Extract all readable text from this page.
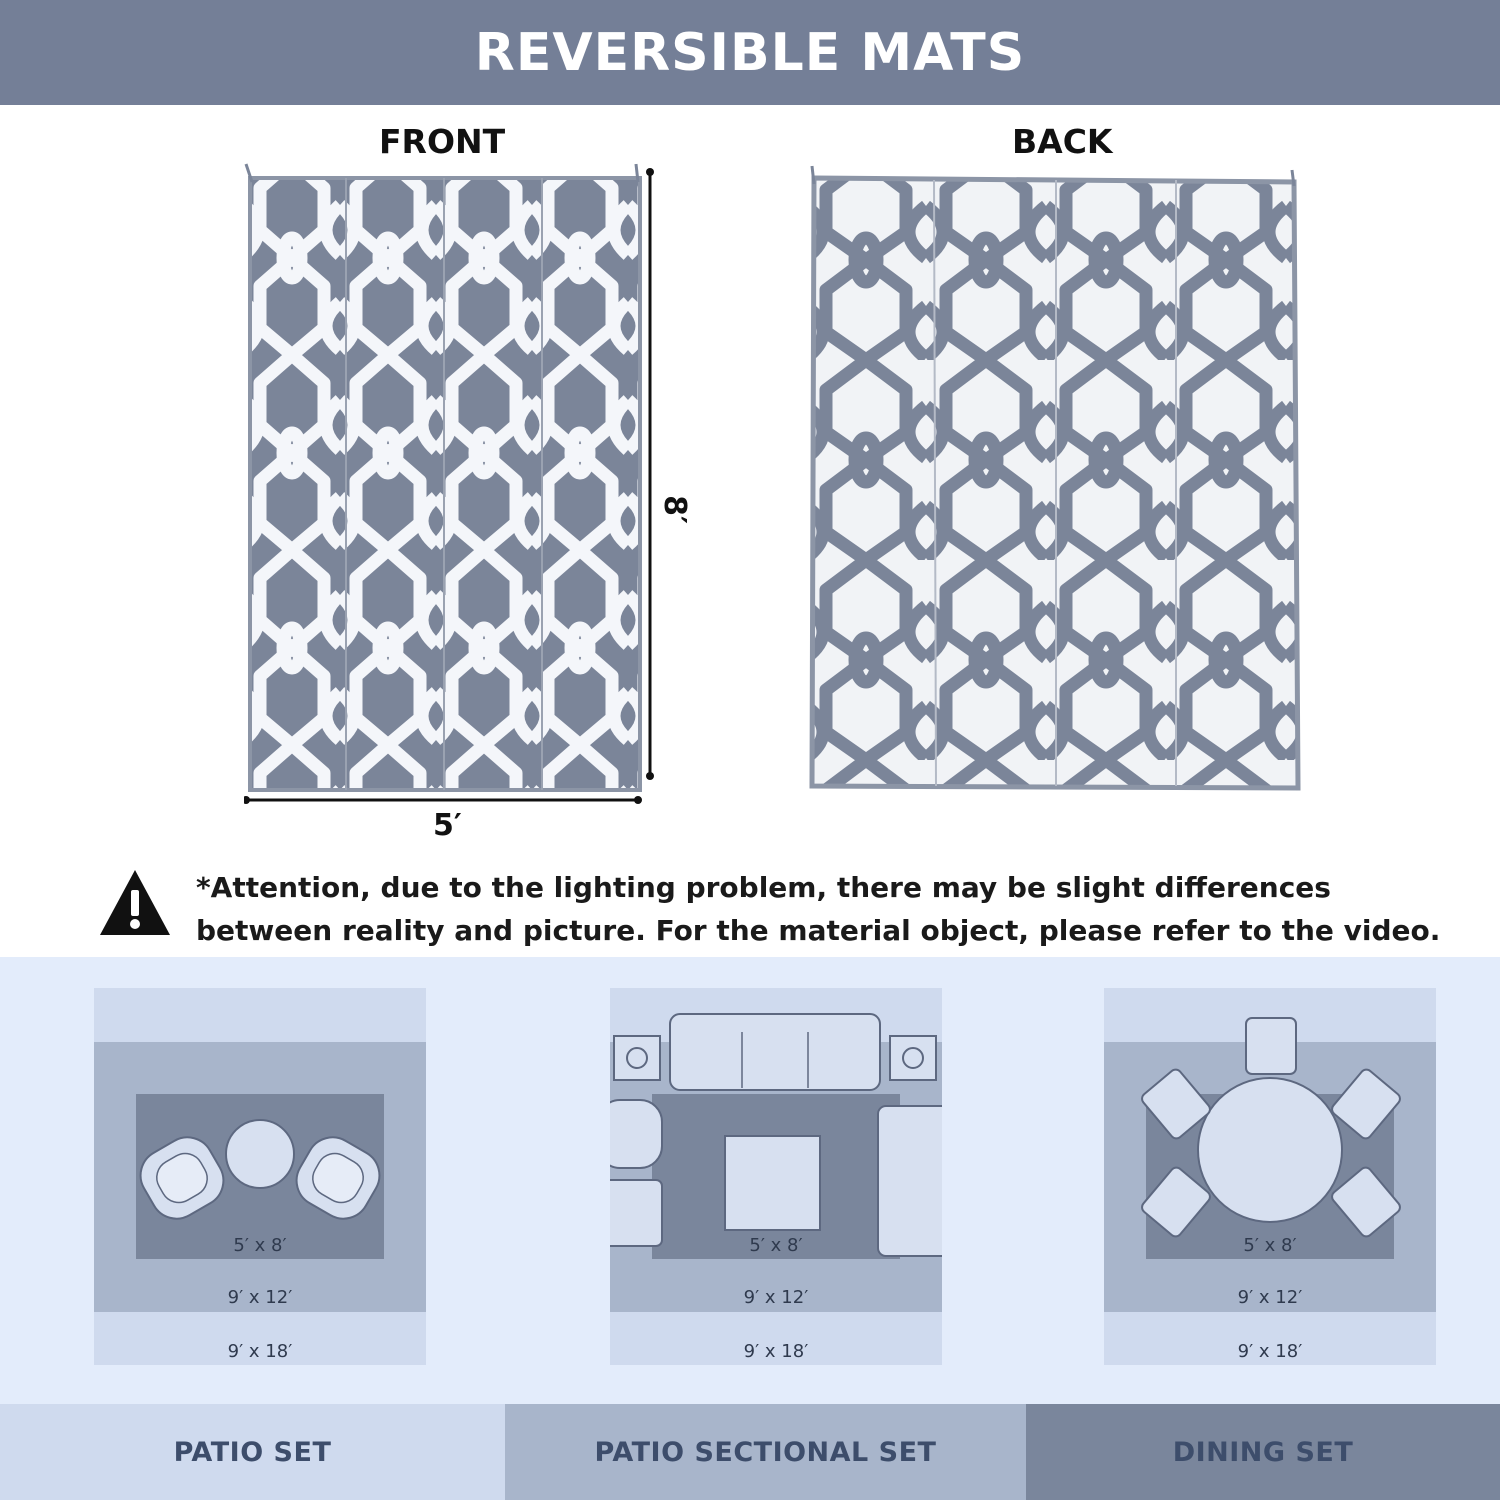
REVERSIBLE MATS
FRONT	BACK
5′
8′
*Attention, due to the lighting problem, there may be slight differences
between reality and picture. For the material object, please refer to the video.
5′ x 8′
9′ x 12′
9′ x 18′
5′ x 8′
9′ x 12′
9′ x 18′
5′ x 8′
9′ x 12′
9′ x 18′
PATIO SET	PATIO SECTIONAL SET	DINING SET
